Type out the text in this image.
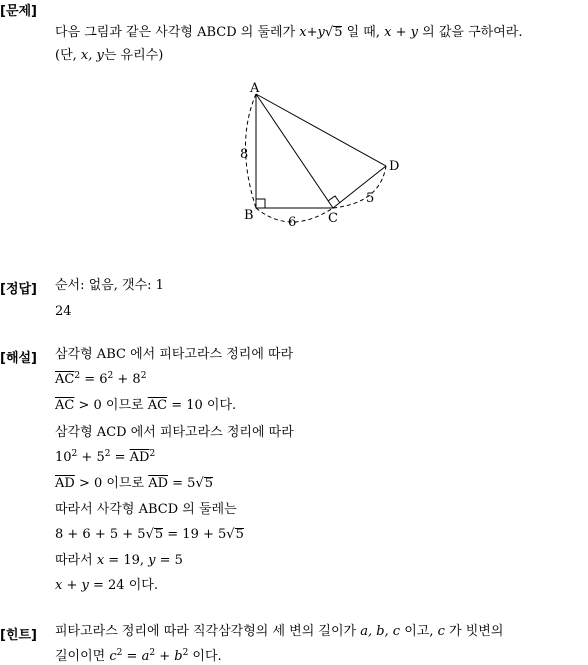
[문제]
다음 그림과 같은 사각형 ABCD 의 둘레가 x+y√5 일 때, x + y 의 값을 구하여라.
(단, x, y는 유리수)
A
B	C
D
8
6
5
[정답] 순서: 없음, 갯수: 1
24
[해설] 삼각형 ABC 에서 피타고라스 정리에 따라
$\overline{AC}^2 = 6^2 + 8^2$
$\overline{AC} > 0$ 이므로 $\overline{AC} = 10$ 이다.
삼각형 ACD 에서 피타고라스 정리에 따라
$10^2 + 5^2 = \overline{AD}^2$
$\overline{AD} > 0$ 이므로 $\overline{AD} = 5√5$
따라서 사각형 ABCD 의 둘레는
8 + 6 + 5 + 5√5 = 19 + 5√5
따라서 x = 19, y = 5
x + y = 24 이다.
[힌트] 피타고라스 정리에 따라 직각삼각형의 세 변의 길이가 a, b, c 이고, c 가 빗변의
길이이면 $c^2 = a^2 + b^2$ 이다.
